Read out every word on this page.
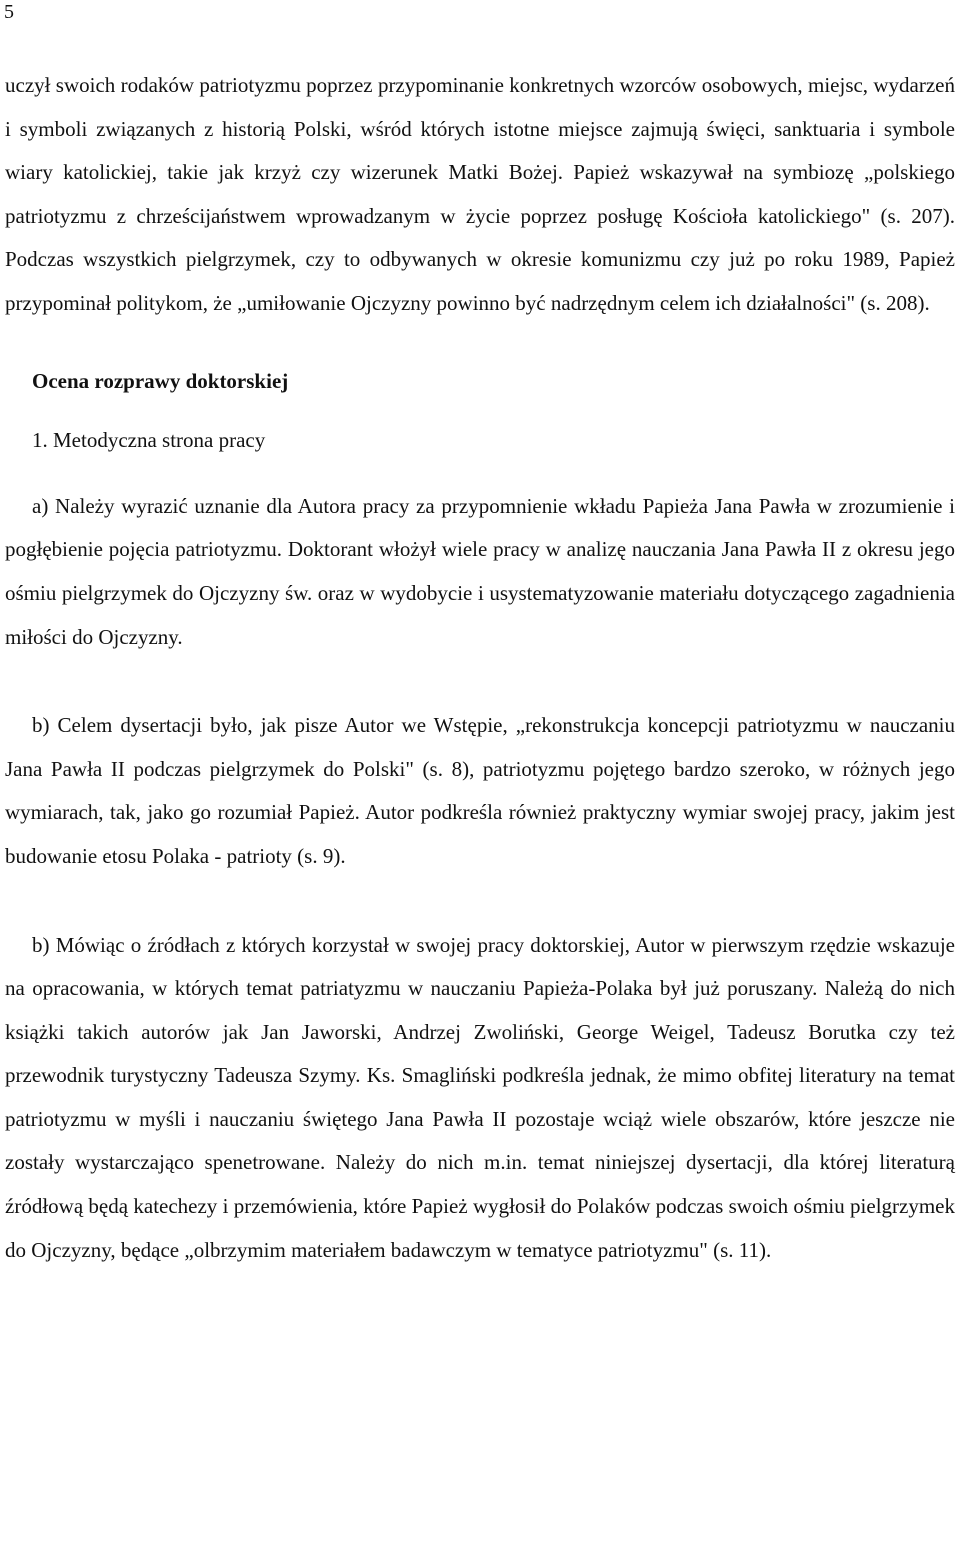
5

uczył swoich rodaków patriotyzmu poprzez przypominanie konkretnych wzorców osobowych, miejsc, wydarzeń i symboli związanych z historią Polski, wśród których istotne miejsce zajmują święci, sanktuaria i symbole wiary katolickiej, takie jak krzyż czy wizerunek Matki Bożej. Papież wskazywał na symbiozę „polskiego patriotyzmu z chrześcijaństwem wprowadzanym w życie poprzez posługę Kościoła katolickiego" (s. 207). Podczas wszystkich pielgrzymek, czy to odbywanych w okresie komunizmu czy już po roku 1989, Papież przypominał politykom, że „umiłowanie Ojczyzny powinno być nadrzędnym celem ich działalności" (s. 208).

Ocena rozprawy doktorskiej

1. Metodyczna strona pracy

a) Należy wyrazić uznanie dla Autora pracy za przypomnienie wkładu Papieża Jana Pawła w zrozumienie i pogłębienie pojęcia patriotyzmu. Doktorant włożył wiele pracy w analizę nauczania Jana Pawła II z okresu jego ośmiu pielgrzymek do Ojczyzny św. oraz w wydobycie i usystematyzowanie materiału dotyczącego zagadnienia miłości do Ojczyzny.

b) Celem dysertacji było, jak pisze Autor we Wstępie, „rekonstrukcja koncepcji patriotyzmu w nauczaniu Jana Pawła II podczas pielgrzymek do Polski" (s. 8), patriotyzmu pojętego bardzo szeroko, w różnych jego wymiarach, tak, jako go rozumiał Papież. Autor podkreśla również praktyczny wymiar swojej pracy, jakim jest budowanie etosu Polaka - patrioty (s. 9).

b) Mówiąc o źródłach z których korzystał w swojej pracy doktorskiej, Autor w pierwszym rzędzie wskazuje na opracowania, w których temat patriatyzmu w nauczaniu Papieża-Polaka był już poruszany. Należą do nich książki takich autorów jak Jan Jaworski, Andrzej Zwoliński, George Weigel, Tadeusz Borutka czy też przewodnik turystyczny Tadeusza Szymy. Ks. Smagliński podkreśla jednak, że mimo obfitej literatury na temat patriotyzmu w myśli i nauczaniu świętego Jana Pawła II pozostaje wciąż wiele obszarów, które jeszcze nie zostały wystarczająco spenetrowane. Należy do nich m.in. temat niniejszej dysertacji, dla której literaturą źródłową będą katechezy i przemówienia, które Papież wygłosił do Polaków podczas swoich ośmiu pielgrzymek do Ojczyzny, będące „olbrzymim materiałem badawczym w tematyce patriotyzmu" (s. 11).
